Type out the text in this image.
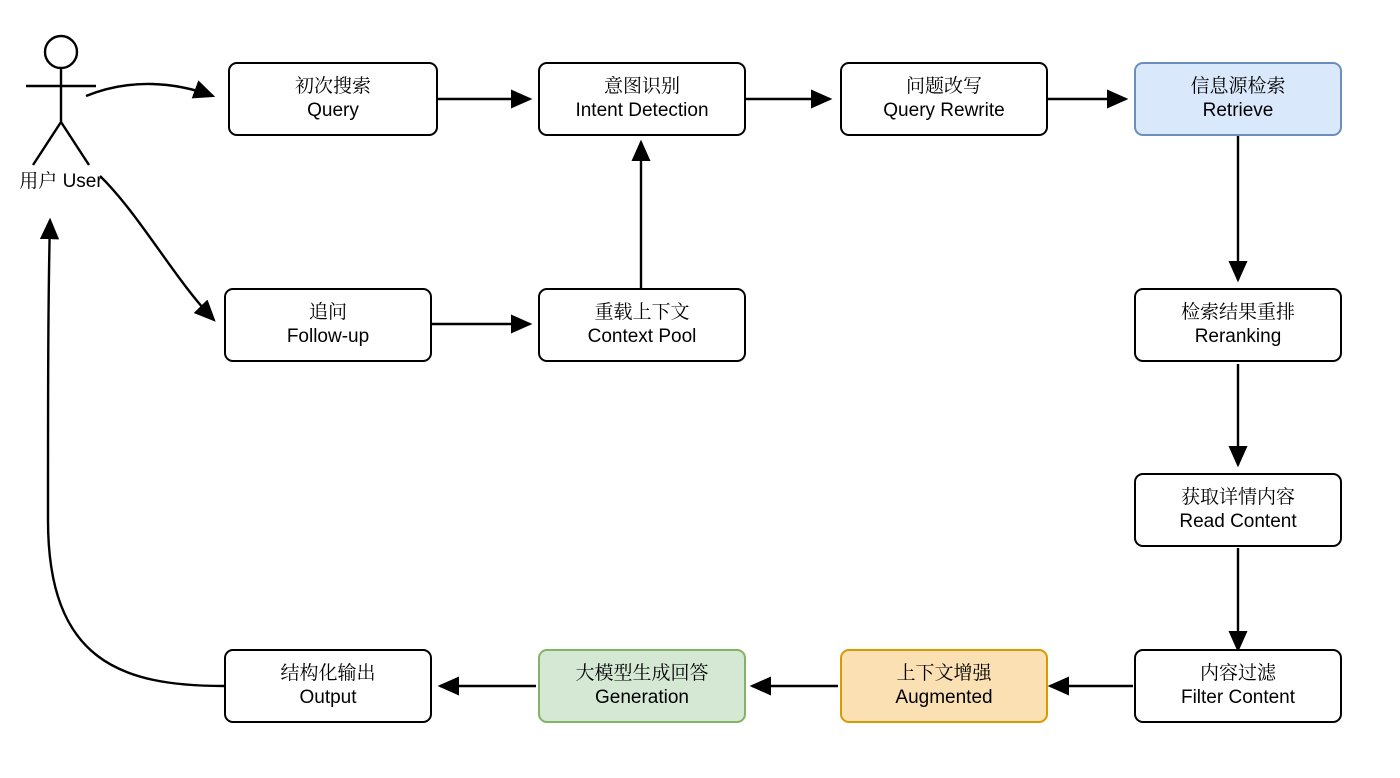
用户 User
初次搜索
Query
意图识别
Intent Detection
问题改写
Query Rewrite
信息源检索
Retrieve
追问
Follow-up
重载上下文
Context Pool
检索结果重排
Reranking
获取详情内容
Read Content
内容过滤
Filter Content
上下文增强
Augmented
大模型生成回答
Generation
结构化输出
Output
